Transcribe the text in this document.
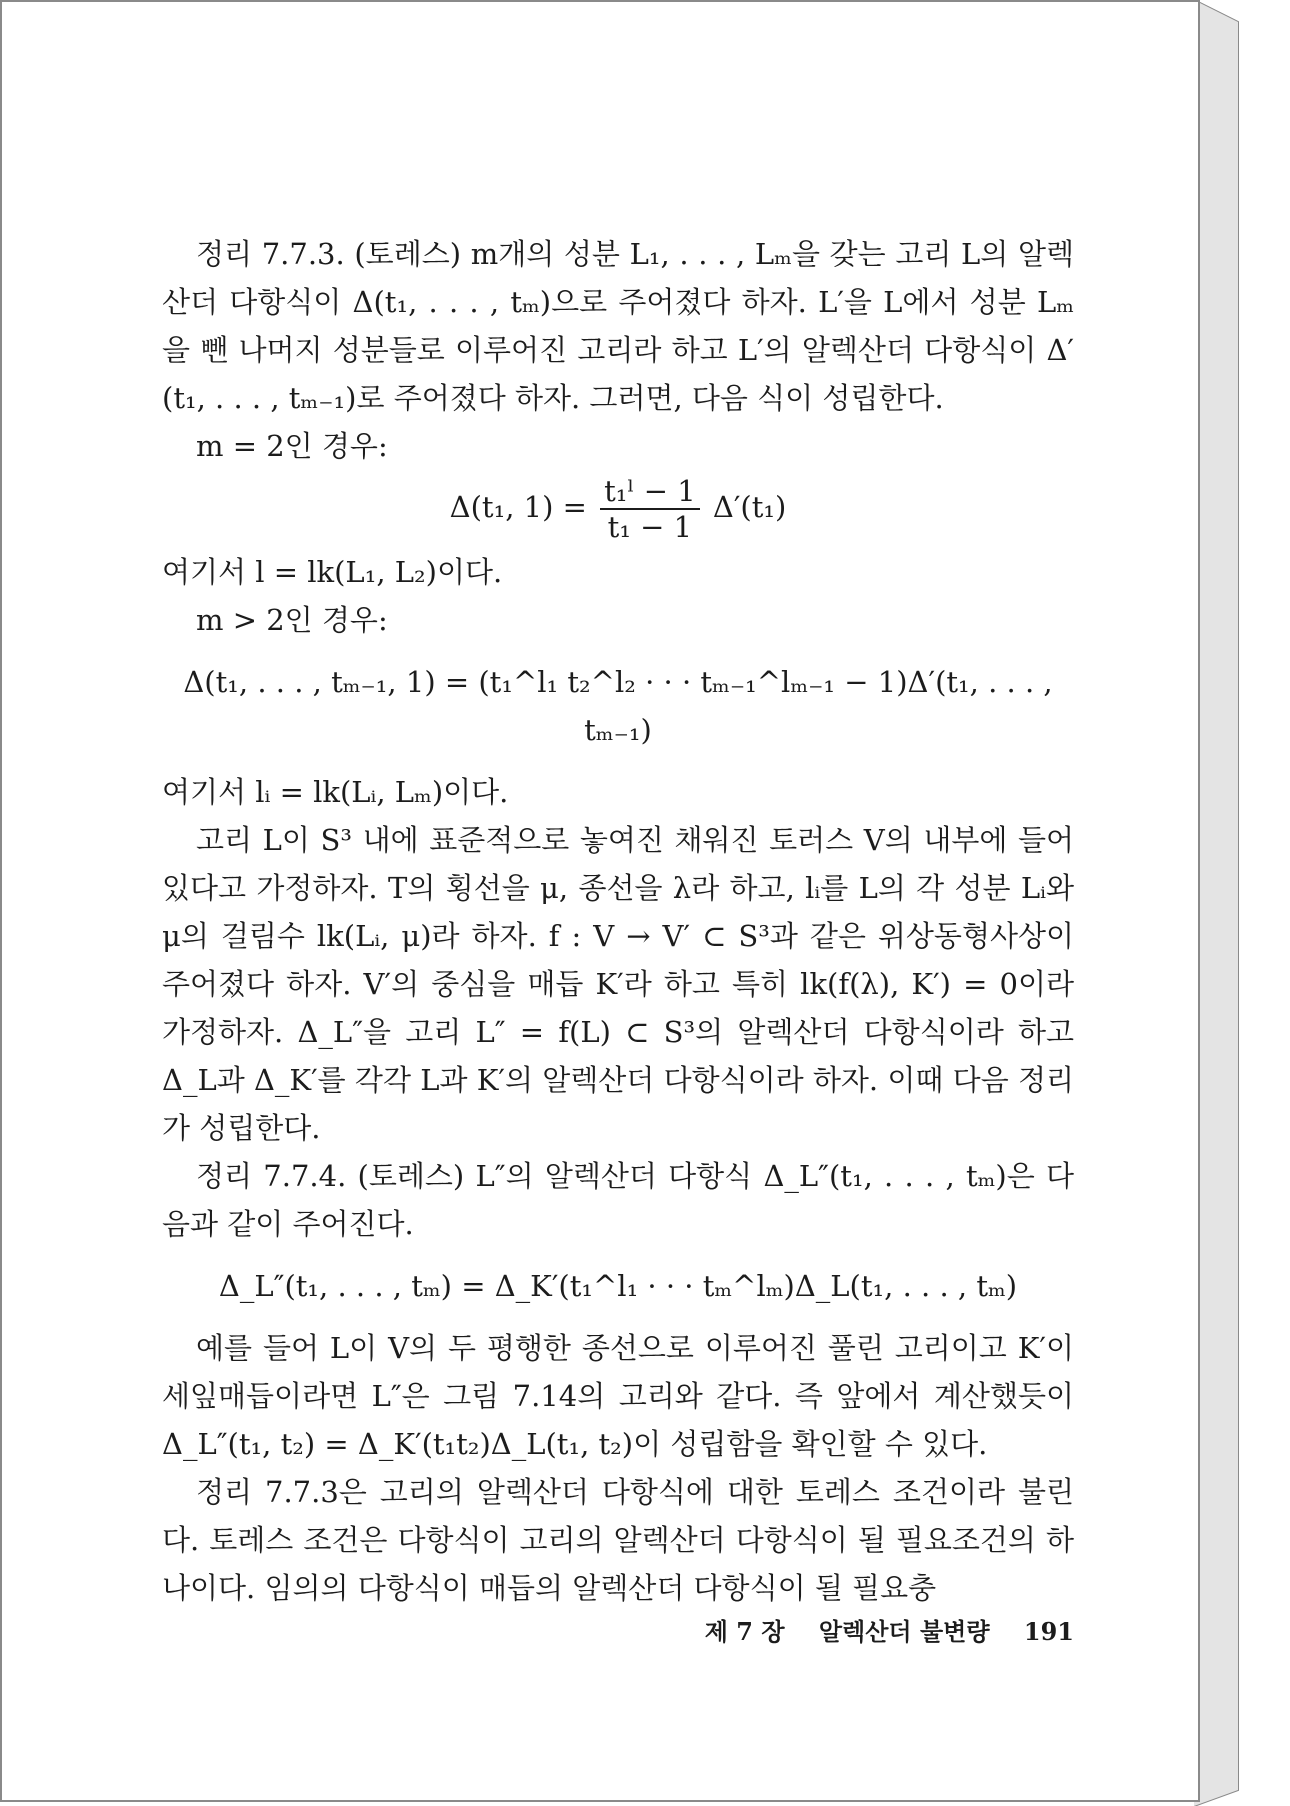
정리 7.7.3. (토레스) m개의 성분 L₁, . . . , Lₘ을 갖는 고리 L의 알렉산더 다항식이 Δ(t₁, . . . , tₘ)으로 주어졌다 하자. L′을 L에서 성분 Lₘ을 뺀 나머지 성분들로 이루어진 고리라 하고 L′의 알렉산더 다항식이 Δ′(t₁, . . . , tₘ₋₁)로 주어졌다 하자. 그러면, 다음 식이 성립한다.

m = 2인 경우:

Δ(t₁, $1) = \frac{\text{t₁ˡ − 1}}{\text{t₁ − 1}} \Delta'(t_1)$

여기서 l = lk(L₁, L₂)이다.

m > 2인 경우:

Δ(t₁, . . . , tₘ₋₁, 1) = (t₁^l₁ t₂^l₂ · · · tₘ₋₁^lₘ₋₁ − 1)Δ′(t₁, . . . , tₘ₋₁)

여기서 lᵢ = lk(Lᵢ, Lₘ)이다.

고리 L이 S³ 내에 표준적으로 놓여진 채워진 토러스 V의 내부에 들어 있다고 가정하자. T의 횡선을 μ, 종선을 λ라 하고, lᵢ를 L의 각 성분 Lᵢ와 μ의 걸림수 lk(Lᵢ, μ)라 하자. f : V → V′ ⊂ S³과 같은 위상동형사상이 주어졌다 하자. V′의 중심을 매듭 K′라 하고 특히 lk(f(λ), K′) = 0이라 가정하자. Δ_L″을 고리 L″ = f(L) ⊂ S³의 알렉산더 다항식이라 하고 Δ_L과 Δ_K′를 각각 L과 K′의 알렉산더 다항식이라 하자. 이때 다음 정리가 성립한다.

정리 7.7.4. (토레스) L″의 알렉산더 다항식 Δ_L″(t₁, . . . , tₘ)은 다음과 같이 주어진다.

Δ_L″(t₁, . . . , tₘ) = Δ_K′(t₁^l₁ · · · tₘ^lₘ)Δ_L(t₁, . . . , tₘ)

예를 들어 L이 V의 두 평행한 종선으로 이루어진 풀린 고리이고 K′이 세잎매듭이라면 L″은 그림 7.14의 고리와 같다. 즉 앞에서 계산했듯이 Δ_L″(t₁, t₂) = Δ_K′(t₁t₂)Δ_L(t₁, t₂)이 성립함을 확인할 수 있다.

정리 7.7.3은 고리의 알렉산더 다항식에 대한 토레스 조건이라 불린다. 토레스 조건은 다항식이 고리의 알렉산더 다항식이 될 필요조건의 하나이다. 임의의 다항식이 매듭의 알렉산더 다항식이 될 필요충

제 7 장 알렉산더 불변량 191
